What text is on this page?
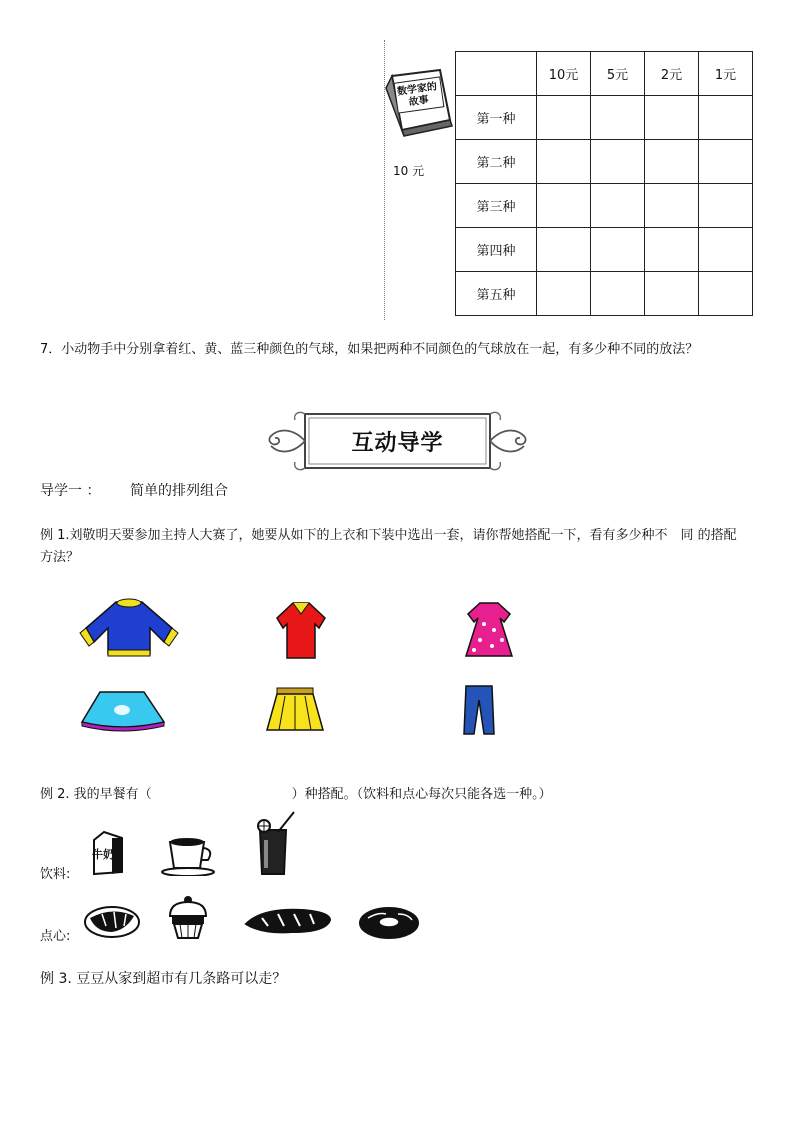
数学家的故事
10 元
	10元	5元	2元	1元
第一种				
第二种				
第三种				
第四种				
第五种				
7．小动物手中分别拿着红、黄、蓝三种颜色的气球，如果把两种不同颜色的气球放在一起，有多少种不同的放法？
互动导学
导学一 ： 简单的排列组合
例 1.刘敬明天要参加主持人大赛了，她要从如下的上衣和下装中选出一套，请你帮她搭配一下，看有多少种不　同 的搭配
方法？
例 2. 我的早餐有（	）种搭配。（饮料和点心每次只能各选一种。）
饮料:
牛奶
点心:
例 3. 豆豆从家到超市有几条路可以走？
